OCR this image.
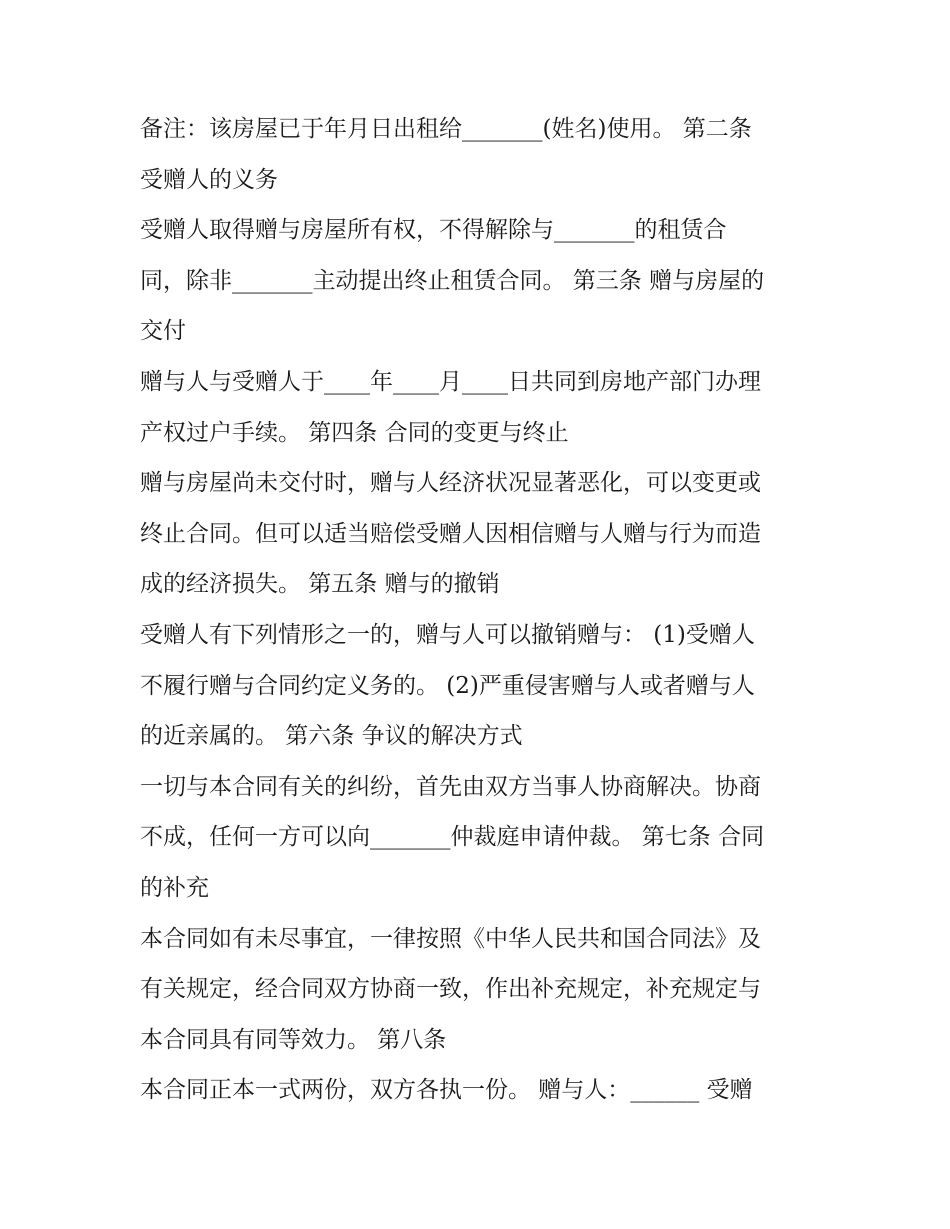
备注：该房屋已于年月日出租给_______(姓名)使用。 第二条
受赠人的义务
受赠人取得赠与房屋所有权，不得解除与_______的租赁合
同，除非_______主动提出终止租赁合同。 第三条 赠与房屋的
交付
赠与人与受赠人于____年____月____日共同到房地产部门办理
产权过户手续。 第四条 合同的变更与终止
赠与房屋尚未交付时，赠与人经济状况显著恶化，可以变更或
终止合同。但可以适当赔偿受赠人因相信赠与人赠与行为而造
成的经济损失。 第五条 赠与的撤销
受赠人有下列情形之一的，赠与人可以撤销赠与： (1)受赠人
不履行赠与合同约定义务的。 (2)严重侵害赠与人或者赠与人
的近亲属的。 第六条 争议的解决方式
一切与本合同有关的纠纷，首先由双方当事人协商解决。协商
不成，任何一方可以向_______仲裁庭申请仲裁。 第七条 合同
的补充
本合同如有未尽事宜，一律按照《中华人民共和国合同法》及
有关规定，经合同双方协商一致，作出补充规定，补充规定与
本合同具有同等效力。 第八条
本合同正本一式两份，双方各执一份。 赠与人：______ 受赠
